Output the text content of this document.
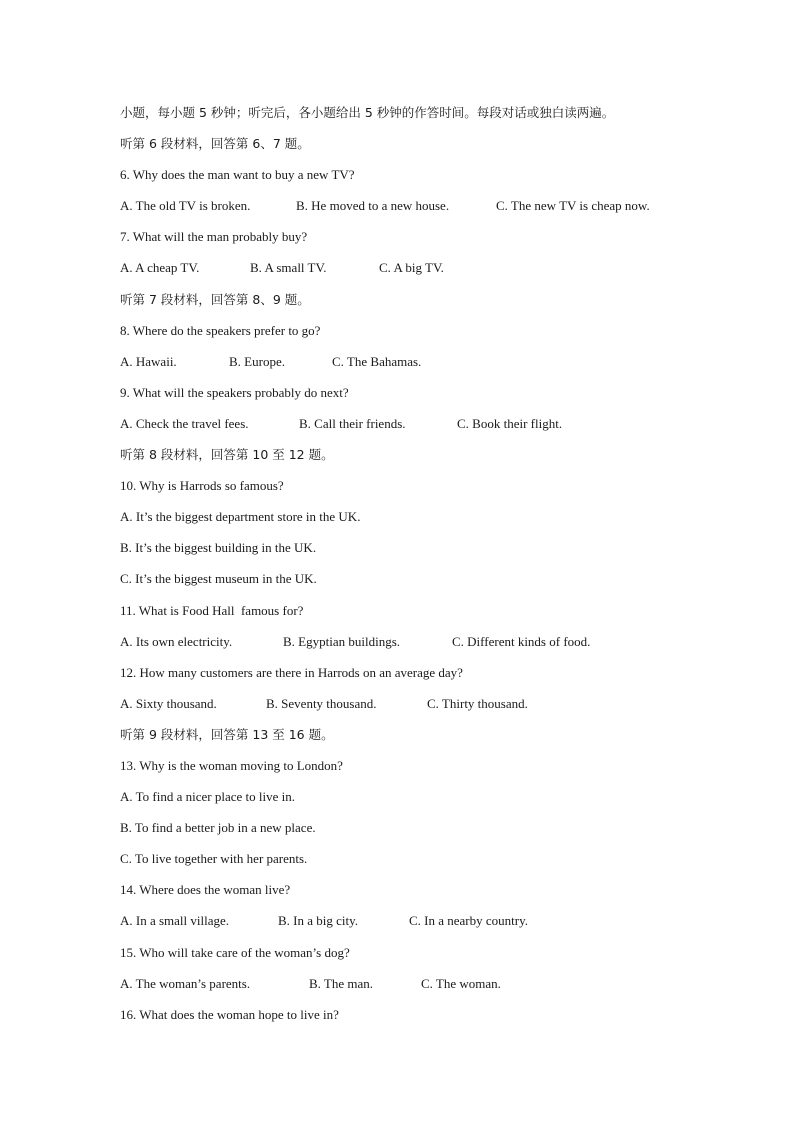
小题，每小题 5 秒钟；听完后，各小题给出 5 秒钟的作答时间。每段对话或独白读两遍。
听第 6 段材料，回答第 6、7 题。
6. Why does the man want to buy a new TV?

A. The old TV is broken.

	B. He moved to a new house.

	C. The new TV is cheap now.

7. What will the man probably buy?

A. A cheap TV.

	B. A small TV.

	C. A big TV.

听第 7 段材料，回答第 8、9 题。
8. Where do the speakers prefer to go?

A. Hawaii.

	B. Europe.

	C. The Bahamas.

9. What will the speakers probably do next?

A. Check the travel fees.

	B. Call their friends.

	C. Book their flight.

听第 8 段材料，回答第 10 至 12 题。
10. Why is Harrods so famous?
A. It’s the biggest department store in the UK.
B. It’s the biggest building in the UK.
C. It’s the biggest museum in the UK.
11. What is Food Hall  famous for?

A. Its own electricity.

	B. Egyptian buildings.

	C. Different kinds of food.

12. How many customers are there in Harrods on an average day?

A. Sixty thousand.

	B. Seventy thousand.

	C. Thirty thousand.

听第 9 段材料，回答第 13 至 16 题。
13. Why is the woman moving to London?
A. To find a nicer place to live in.
B. To find a better job in a new place.
C. To live together with her parents.
14. Where does the woman live?

A. In a small village.

	B. In a big city.

	C. In a nearby country.

15. Who will take care of the woman’s dog?

A. The woman’s parents.

	B. The man.

	C. The woman.

16. What does the woman hope to live in?
